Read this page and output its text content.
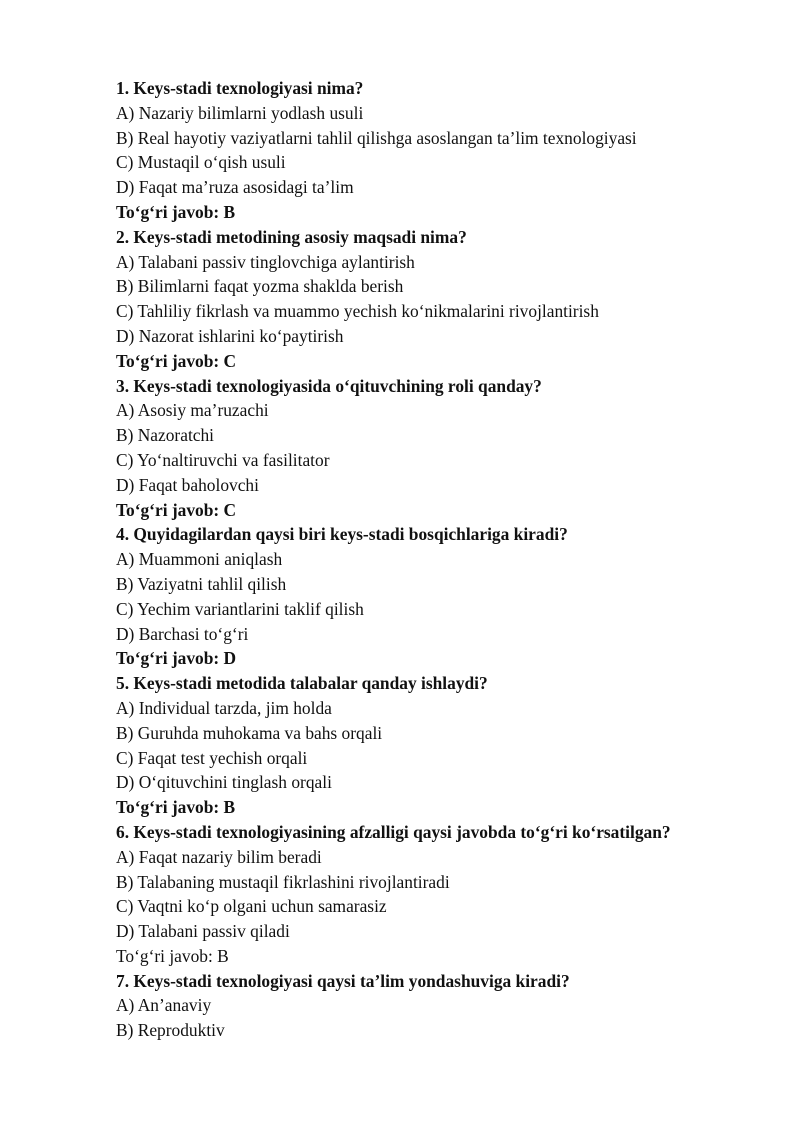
1. Keys-stadi texnologiyasi nima?
A) Nazariy bilimlarni yodlash usuli
B) Real hayotiy vaziyatlarni tahlil qilishga asoslangan ta’lim texnologiyasi
C) Mustaqil o‘qish usuli
D) Faqat ma’ruza asosidagi ta’lim
To‘g‘ri javob: B
2. Keys-stadi metodining asosiy maqsadi nima?
A) Talabani passiv tinglovchiga aylantirish
B) Bilimlarni faqat yozma shaklda berish
C) Tahliliy fikrlash va muammo yechish ko‘nikmalarini rivojlantirish
D) Nazorat ishlarini ko‘paytirish
To‘g‘ri javob: C
3. Keys-stadi texnologiyasida o‘qituvchining roli qanday?
A) Asosiy ma’ruzachi
B) Nazoratchi
C) Yo‘naltiruvchi va fasilitator
D) Faqat baholovchi
To‘g‘ri javob: C
4. Quyidagilardan qaysi biri keys-stadi bosqichlariga kiradi?
A) Muammoni aniqlash
B) Vaziyatni tahlil qilish
C) Yechim variantlarini taklif qilish
D) Barchasi to‘g‘ri
To‘g‘ri javob: D
5. Keys-stadi metodida talabalar qanday ishlaydi?
A) Individual tarzda, jim holda
B) Guruhda muhokama va bahs orqali
C) Faqat test yechish orqali
D) O‘qituvchini tinglash orqali
To‘g‘ri javob: B
6. Keys-stadi texnologiyasining afzalligi qaysi javobda to‘g‘ri ko‘rsatilgan?
A) Faqat nazariy bilim beradi
B) Talabaning mustaqil fikrlashini rivojlantiradi
C) Vaqtni ko‘p olgani uchun samarasiz
D) Talabani passiv qiladi
To‘g‘ri javob: B
7. Keys-stadi texnologiyasi qaysi ta’lim yondashuviga kiradi?
A) An’anaviy
B) Reproduktiv
